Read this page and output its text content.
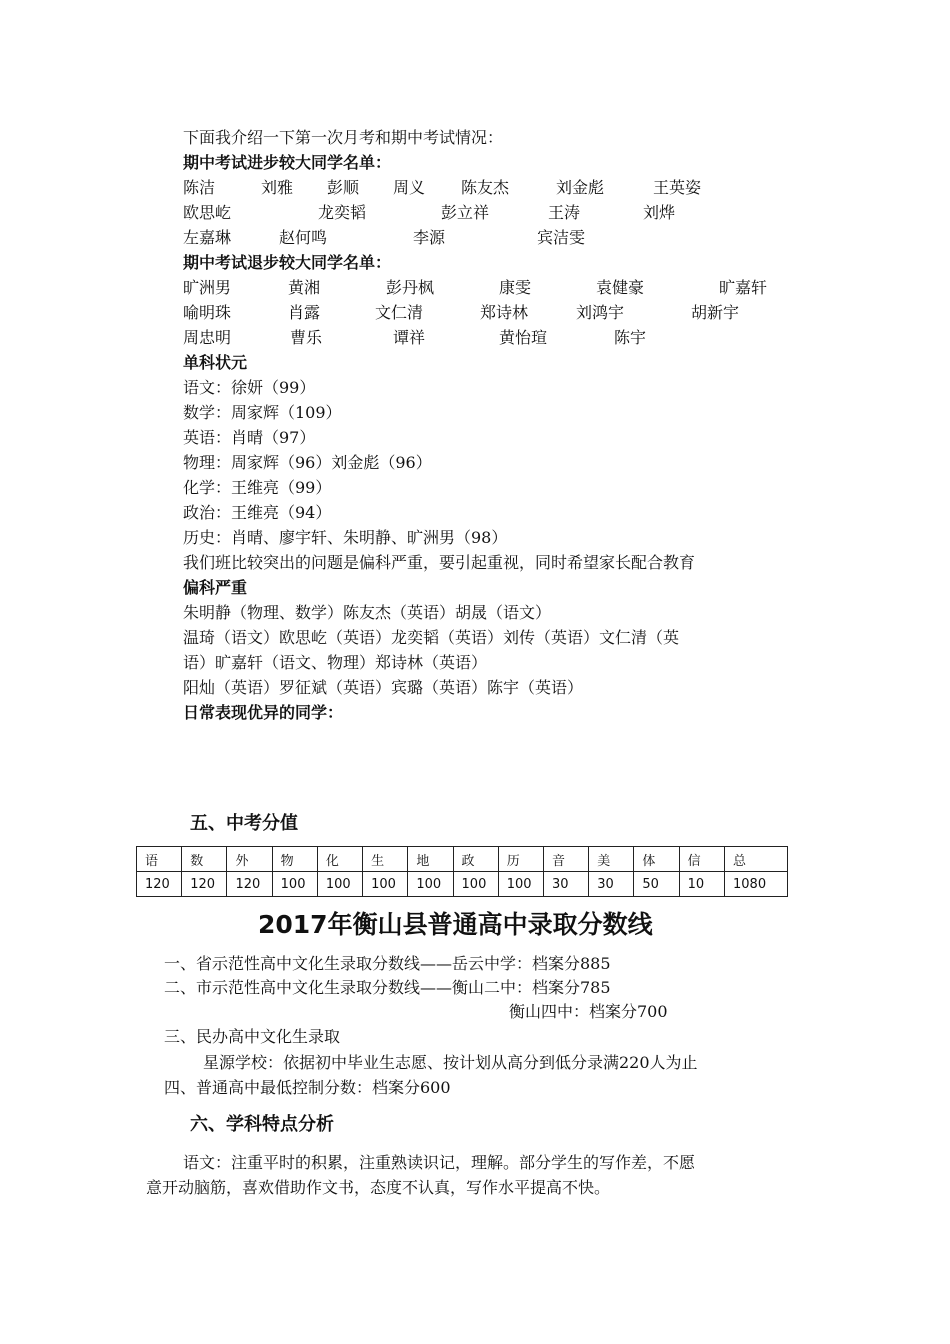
下面我介绍一下第一次月考和期中考试情况：
期中考试进步较大同学名单：
陈洁	刘雅 彭顺 周义 陈友杰	刘金彪	王英姿
欧思屹	龙奕韬	彭立祥	王涛	刘烨
左嘉琳	赵何鸣	李源	宾洁雯
期中考试退步较大同学名单：
旷洲男	黄湘	彭丹枫	康雯	袁健豪	旷嘉轩
喻明珠	肖露	文仁清	郑诗林	刘鸿宇	胡新宇
周忠明	曹乐	谭祥	黄怡瑄	陈宇
单科状元
语文：徐妍（99）
数学：周家辉（109）
英语：肖晴（97）
物理：周家辉（96）刘金彪（96）
化学：王维亮（99）
政治：王维亮（94）
历史：肖晴、廖宇轩、朱明静、旷洲男（98）
我们班比较突出的问题是偏科严重，要引起重视，同时希望家长配合教育
偏科严重
朱明静（物理、数学）陈友杰（英语）胡晟（语文）
温琦（语文）欧思屹（英语）龙奕韬（英语）刘传（英语）文仁清（英
语）旷嘉轩（语文、物理）郑诗林（英语）
阳灿（英语）罗征斌（英语）宾璐（英语）陈宇（英语）
日常表现优异的同学：
五、中考分值
语	数	外	物	化	生	地	政	历	音	美	体	信	总
120	120	120	100	100	100	100	100	100	30	30	50	10	1080
2017年衡山县普通高中录取分数线
一、省示范性高中文化生录取分数线——岳云中学：档案分885
二、市示范性高中文化生录取分数线——衡山二中：档案分785
衡山四中：档案分700
三、民办高中文化生录取
星源学校：依据初中毕业生志愿、按计划从高分到低分录满220人为止
四、普通高中最低控制分数：档案分600
六、学科特点分析
语文：注重平时的积累，注重熟读识记，理解。部分学生的写作差，不愿
意开动脑筋，喜欢借助作文书，态度不认真，写作水平提高不快。
